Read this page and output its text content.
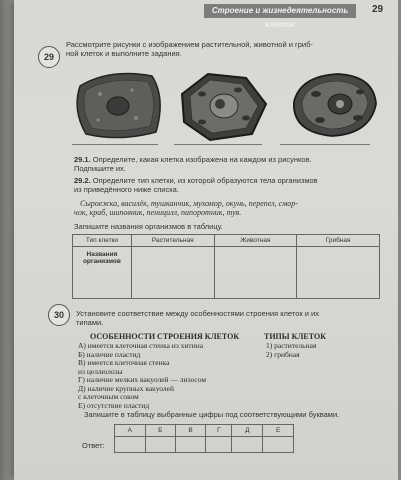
Строение и жизнедеятельность клеток
29
29
Рассмотрите рисунки с изображением растительной, животной и гриб-
ной клеток и выполните задания.
29.1. Определите, какая клетка изображена на каждом из рисунков.
Подпишите их.
29.2. Определите тип клетки, из которой образуются тела организмов
из приведённого ниже списка.
Сыроежка, василёк, тушканчик, мухомор, окунь, перепел, смор-
чок, краб, шиповник, пеницилл, папоротник, туя.
Запишите названия организмов в таблицу.
Тип клетки	Растительная	Животная	Грибная
Названия организмов			
30	Установите соответствие между особенностями строения клеток и их
типами.
ОСОБЕННОСТИ СТРОЕНИЯ КЛЕТОК	ТИПЫ КЛЕТОК
А) имеется клеточная стенка из хитина
Б) наличие пластид
В) имеется клеточная стенка
из целлюлозы
Г) наличие мелких вакуолей — лизосом
Д) наличие крупных вакуолей
с клеточным соком
Е) отсутствие пластид
1) растительная
2) грибная
Запишите в таблицу выбранные цифры под соответствующими буквами.
Ответ:
А	Б	В	Г	Д	Е
